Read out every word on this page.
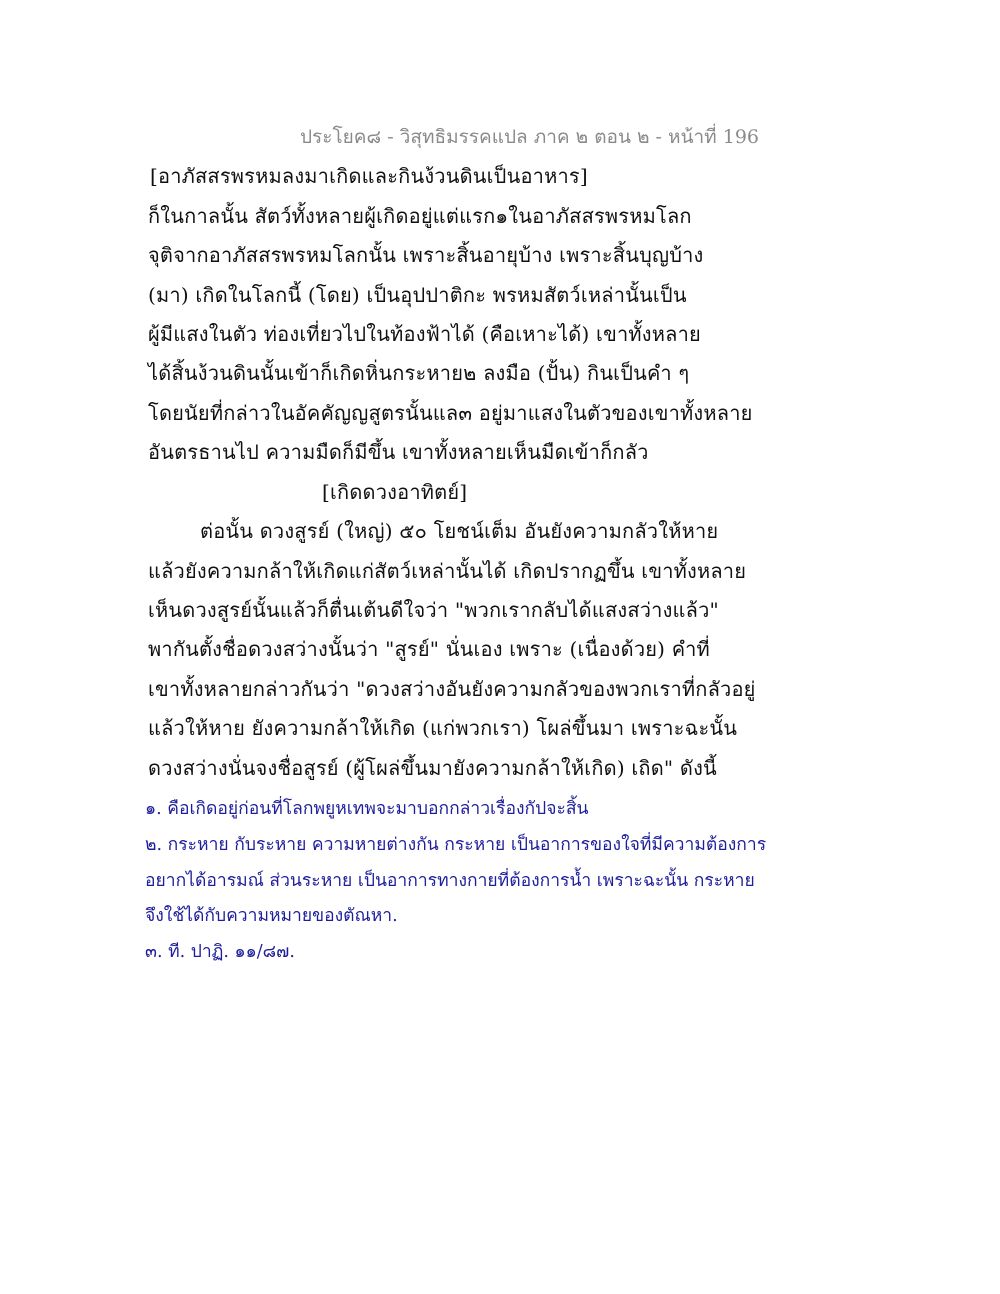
ประโยค๘ - วิสุทธิมรรคแปล ภาค ๒ ตอน ๒ - หน้าที่ 196
[อาภัสสรพรหมลงมาเกิดและกินง้วนดินเป็นอาหาร]
ก็ในกาลนั้น สัตว์ทั้งหลายผู้เกิดอยู่แต่แรก๑ในอาภัสสรพรหมโลก
จุติจากอาภัสสรพรหมโลกนั้น เพราะสิ้นอายุบ้าง เพราะสิ้นบุญบ้าง
(มา) เกิดในโลกนี้ (โดย) เป็นอุปปาติกะ พรหมสัตว์เหล่านั้นเป็น
ผู้มีแสงในตัว ท่องเที่ยวไปในท้องฟ้าได้ (คือเหาะได้) เขาทั้งหลาย
ได้สิ้นง้วนดินนั้นเข้าก็เกิดหิ่นกระหาย๒ ลงมือ (ปั้น) กินเป็นคำ ๆ
โดยนัยที่กล่าวในอัคคัญญสูตรนั้นแล๓ อยู่มาแสงในตัวของเขาทั้งหลาย
อันตรธานไป ความมืดก็มีขึ้น เขาทั้งหลายเห็นมืดเข้าก็กลัว
[เกิดดวงอาทิตย์]
ต่อนั้น ดวงสูรย์ (ใหญ่) ๕๐ โยชน์เต็ม อันยังความกลัวให้หาย
แล้วยังความกล้าให้เกิดแก่สัตว์เหล่านั้นได้ เกิดปรากฏขึ้น เขาทั้งหลาย
เห็นดวงสูรย์นั้นแล้วก็ตื่นเต้นดีใจว่า "พวกเรากลับได้แสงสว่างแล้ว"
พากันตั้งชื่อดวงสว่างนั้นว่า "สูรย์" นั่นเอง เพราะ (เนื่องด้วย) คำที่
เขาทั้งหลายกล่าวกันว่า "ดวงสว่างอันยังความกลัวของพวกเราที่กลัวอยู่
แล้วให้หาย ยังความกล้าให้เกิด (แก่พวกเรา) โผล่ขึ้นมา เพราะฉะนั้น
ดวงสว่างนั่นจงชื่อสูรย์ (ผู้โผล่ขึ้นมายังความกล้าให้เกิด) เถิด" ดังนี้
๑. คือเกิดอยู่ก่อนที่โลกพยูหเทพจะมาบอกกล่าวเรื่องกัปจะสิ้น
๒. กระหาย กับระหาย ความหายต่างกัน กระหาย เป็นอาการของใจที่มีความต้องการ
อยากได้อารมณ์ ส่วนระหาย เป็นอาการทางกายที่ต้องการน้ำ เพราะฉะนั้น กระหาย
จึงใช้ได้กับความหมายของตัณหา.
๓. ที. ปาฏิ. ๑๑/๘๗.
